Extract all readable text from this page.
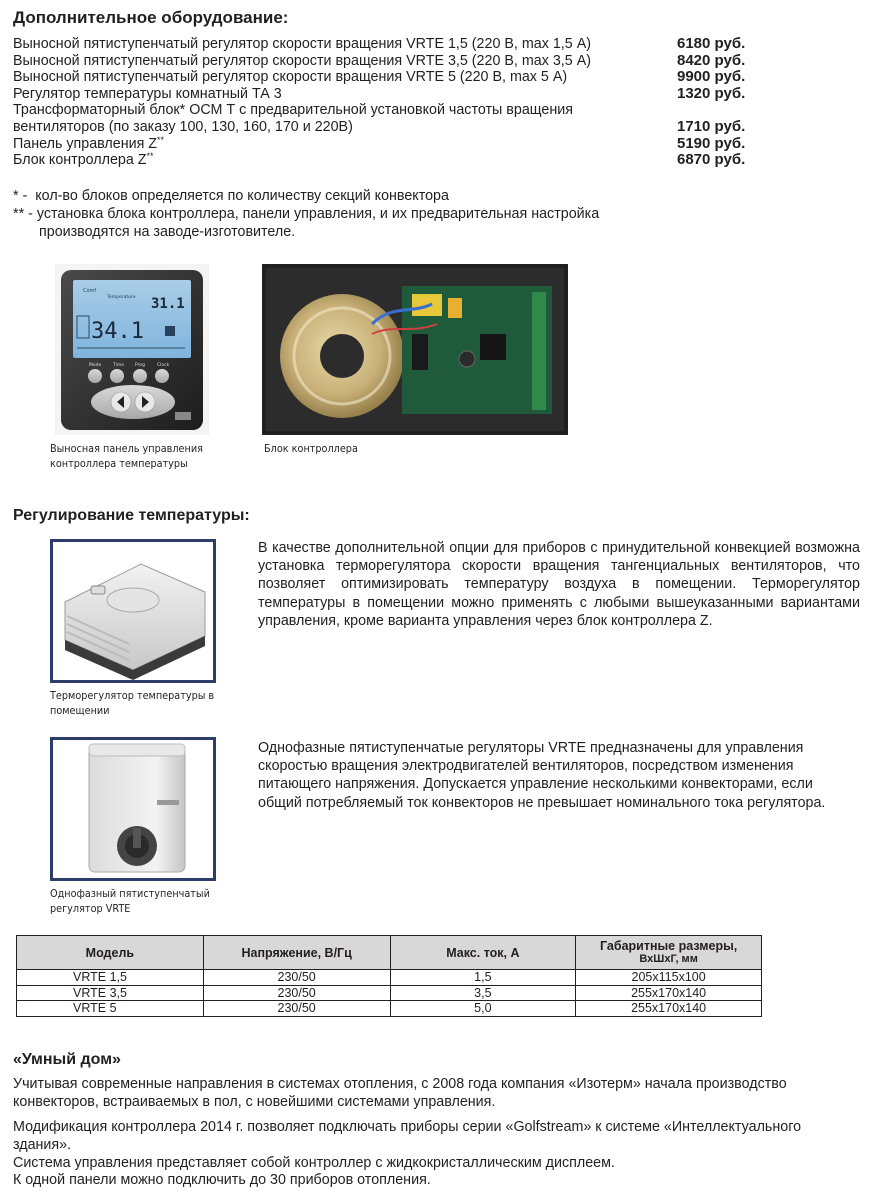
Дополнительное оборудование:
Выносной пятиступенчатый регулятор скорости вращения VRTE 1,5 (220 В, max 1,5 А)	6180 руб.
Выносной пятиступенчатый регулятор скорости вращения VRTE 3,5 (220 В, max 3,5 А)	8420 руб.
Выносной пятиступенчатый регулятор скорости вращения VRTE 5 (220 В, max 5 А)	9900 руб.
Регулятор температуры комнатный ТА 3	1320 руб.
Трансформаторный блок* ОСМ Т с предварительной установкой частоты вращения
вентиляторов (по заказу 100, 130, 160, 170 и 220В)	1710 руб.
Панель управления Z**	5190 руб.
Блок контроллера Z**	6870 руб.
* - кол-во блоков определяется по количеству секций конвектора
** - установка блока контроллера, панели управления, и их предварительная настройка
производятся на заводе-изготовителе.
Comf
Temperature 31.1
34.1
Mode	Time Prog	Clock
Выносная панель управления
контроллера температуры
Блок контроллера
Регулирование температуры:
Терморегулятор температуры в
помещении
В качестве дополнительной опции для приборов с принудительной конвекцией возможна установка терморегулятора скорости вращения тангенциальных вентиляторов, что позволяет оптимизировать температуру воздуха в помещении. Терморегулятор температуры в помещении можно применять с любыми вышеуказанными вариантами управления, кроме варианта управления через блок контроллера Z.
Однофазный пятиступенчатый
регулятор VRTE
Однофазные пятиступенчатые регуляторы VRTE предназначены для управления скоростью вращения электродвигателей вентиляторов, посредством изменения питающего напряжения. Допускается управление несколькими конвекторами, если общий потребляемый ток конвекторов не превышает номинального тока регулятора.
Модель	Напряжение, В/Гц	Макс. ток, А	Габаритные размеры,
ВхШхГ, мм

VRTE 1,5	230/50	1,5	205x115x100
VRTE 3,5	230/50	3,5	255x170x140
VRTE 5	230/50	5,0	255x170x140
«Умный дом»
Учитывая современные направления в системах отопления, с 2008 года компания «Изотерм» начала производство конвекторов, встраиваемых в пол, с новейшими системами управления.
Модификация контроллера 2014 г. позволяет подключать приборы серии «Golfstream» к системе «Интеллектуального здания».
Система управления представляет собой контроллер с жидкокристаллическим дисплеем.
К одной панели можно подключить до 30 приборов отопления.
